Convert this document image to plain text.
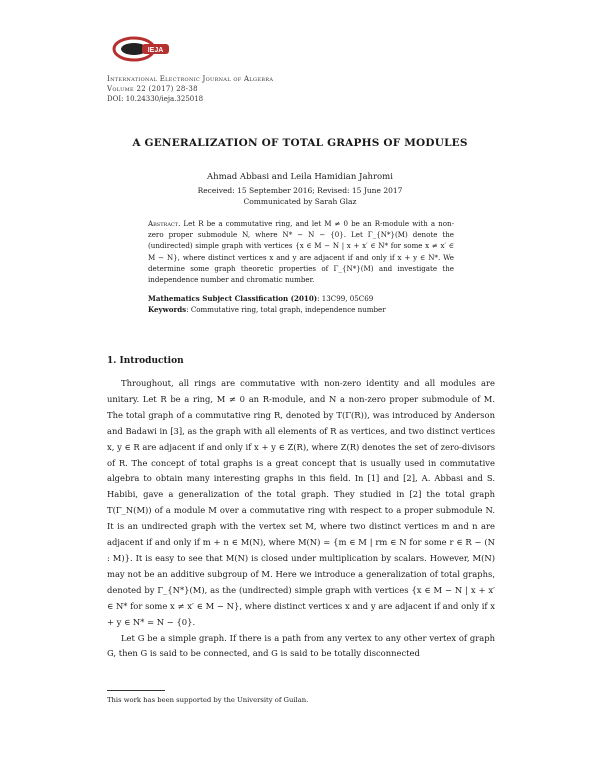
IEJA
International Electronic Journal of Algebra
Volume 22 (2017) 28-38
DOI: 10.24330/ieja.325018
A GENERALIZATION OF TOTAL GRAPHS OF MODULES
Ahmad Abbasi and Leila Hamidian Jahromi
Received: 15 September 2016; Revised: 15 June 2017
Communicated by Sarah Glaz
Abstract. Let R be a commutative ring, and let M ≠ 0 be an R-module with a non-zero proper submodule N, where N* − N − {0}. Let Γ_{N*}(M) denote the (undirected) simple graph with vertices {x ∈ M − N | x + x′ ∈ N* for some x ≠ x′ ∈ M − N}, where distinct vertices x and y are adjacent if and only if x + y ∈ N*. We determine some graph theoretic properties of Γ_{N*}(M) and investigate the independence number and chromatic number.
Mathematics Subject Classification (2010): 13C99, 05C69
Keywords: Commutative ring, total graph, independence number
1. Introduction

Throughout, all rings are commutative with non-zero identity and all modules are unitary. Let R be a ring, M ≠ 0 an R-module, and N a non-zero proper submodule of M. The total graph of a commutative ring R, denoted by T(Γ(R)), was introduced by Anderson and Badawi in [3], as the graph with all elements of R as vertices, and two distinct vertices x, y ∈ R are adjacent if and only if x + y ∈ Z(R), where Z(R) denotes the set of zero-divisors of R. The concept of total graphs is a great concept that is usually used in commutative algebra to obtain many interesting graphs in this field. In [1] and [2], A. Abbasi and S. Habibi, gave a generalization of the total graph. They studied in [2] the total graph T(Γ_N(M)) of a module M over a commutative ring with respect to a proper submodule N. It is an undirected graph with the vertex set M, where two distinct vertices m and n are adjacent if and only if m + n ∈ M(N), where M(N) = {m ∈ M | rm ∈ N for some r ∈ R − (N : M)}. It is easy to see that M(N) is closed under multiplication by scalars. However, M(N) may not be an additive subgroup of M. Here we introduce a generalization of total graphs, denoted by Γ_{N*}(M), as the (undirected) simple graph with vertices {x ∈ M − N | x + x′ ∈ N* for some x ≠ x′ ∈ M − N}, where distinct vertices x and y are adjacent if and only if x + y ∈ N* = N − {0}.

Let G be a simple graph. If there is a path from any vertex to any other vertex of graph G, then G is said to be connected, and G is said to be totally disconnected

This work has been supported by the University of Guilan.
